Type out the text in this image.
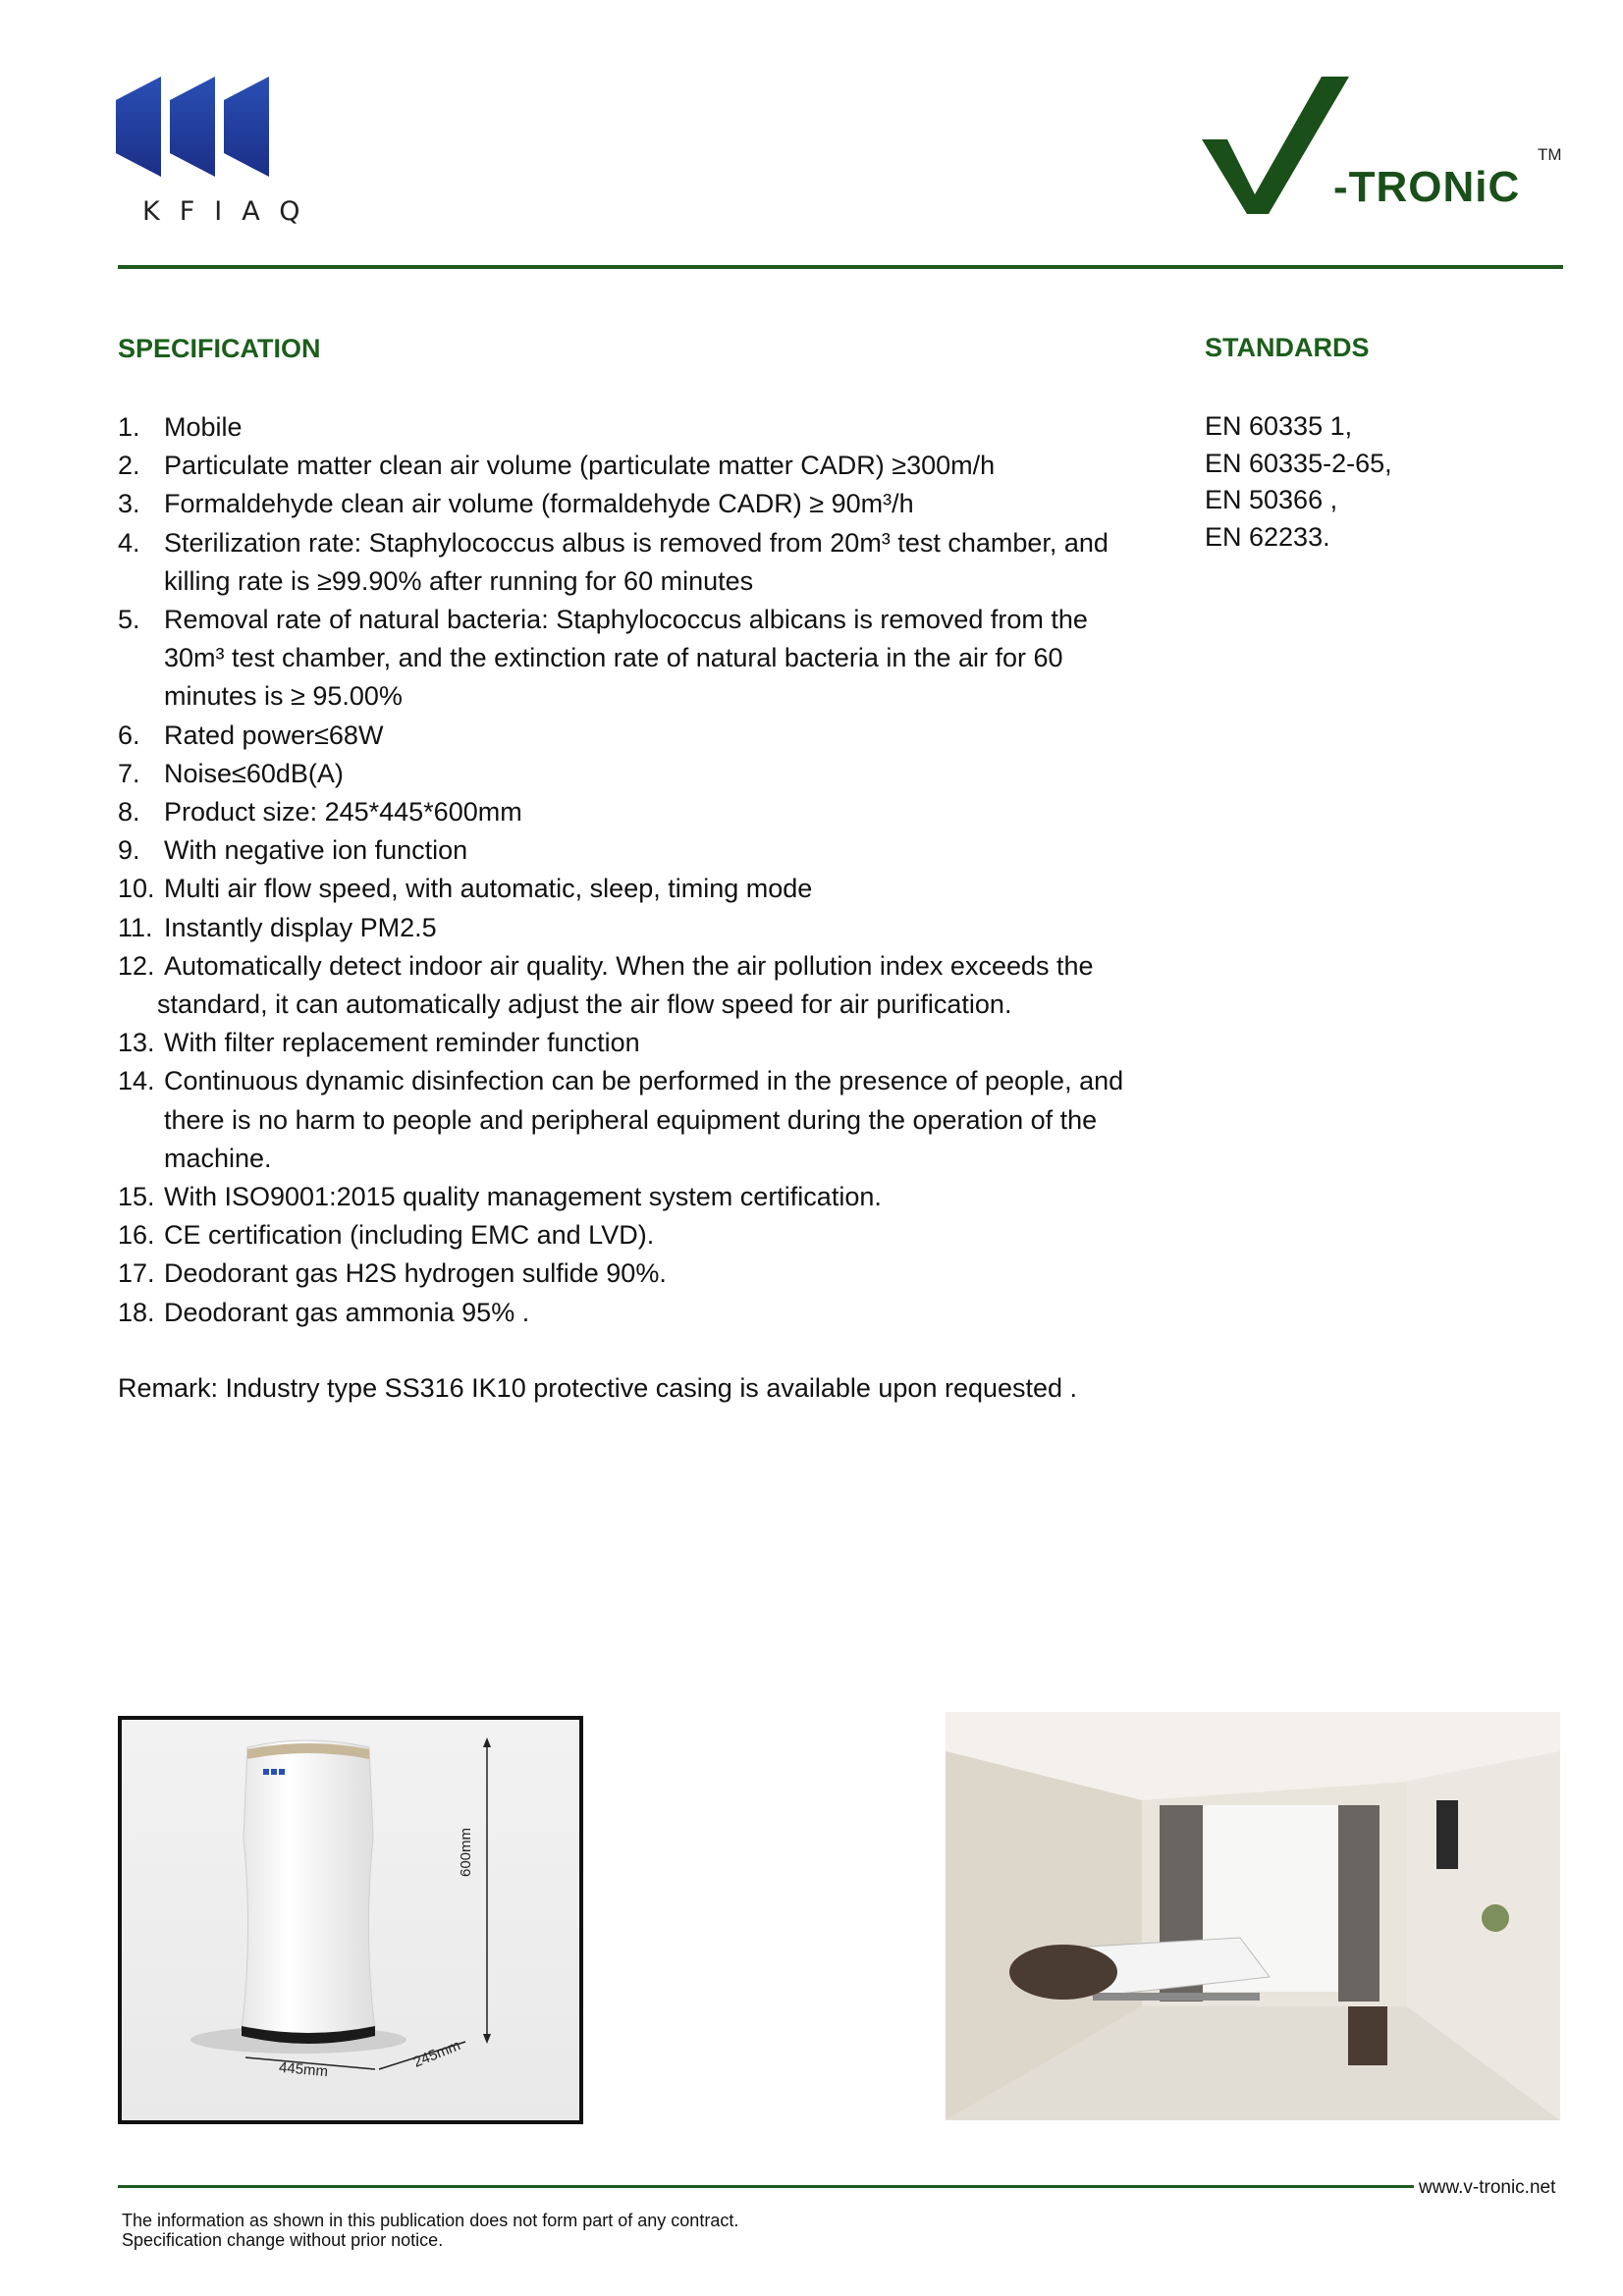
KFIAQ
-TRONiC
TM
SPECIFICATION	STANDARDS
1. Mobile
2. Particulate matter clean air volume (particulate matter CADR) ≥300m/h
3. Formaldehyde clean air volume (formaldehyde CADR) ≥ 90m³/h
4. Sterilization rate: Staphylococcus albus is removed from 20m³ test chamber, and killing rate is ≥99.90% after running for 60 minutes
5. Removal rate of natural bacteria: Staphylococcus albicans is removed from the 30m³ test chamber, and the extinction rate of natural bacteria in the air for 60 minutes is ≥ 95.00%
6. Rated power≤68W
7. Noise≤60dB(A)
8. Product size: 245*445*600mm
9. With negative ion function
10. Multi air flow speed, with automatic, sleep, timing mode
11. Instantly display PM2.5
12. Automatically detect indoor air quality. When the air pollution index exceeds the standard, it can automatically adjust the air flow speed for air purification.
13. With filter replacement reminder function
14. Continuous dynamic disinfection can be performed in the presence of people, and there is no harm to people and peripheral equipment during the operation of the machine.
15. With ISO9001:2015 quality management system certification.
16. CE certification (including EMC and LVD).
17. Deodorant gas H2S hydrogen sulfide 90%.
18. Deodorant gas ammonia 95% .
EN 60335 1,
EN 60335-2-65,
EN 50366 ,
EN 62233.
Remark: Industry type SS316 IK10 protective casing is available upon requested .
600mm
445mm	245mm
www.v-tronic.net
The information as shown in this publication does not form part of any contract.
Specification change without prior notice.
